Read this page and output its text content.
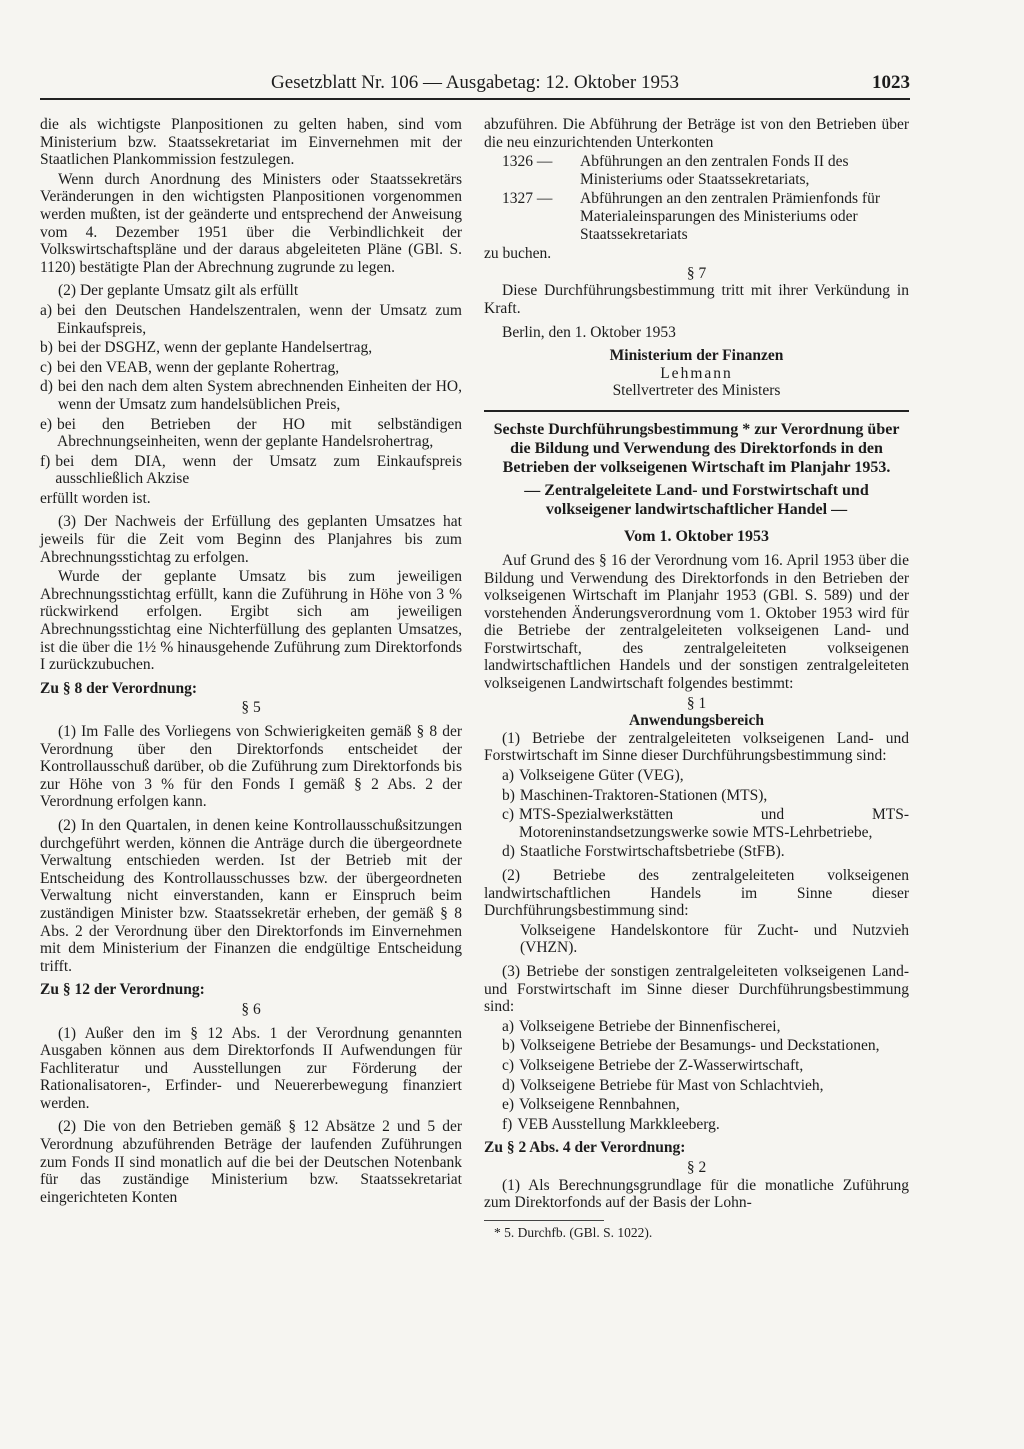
Gesetzblatt Nr. 106 — Ausgabetag: 12. Oktober 1953	1023

die als wichtigste Planpositionen zu gelten haben, sind vom Ministerium bzw. Staatssekretariat im Einvernehmen mit der Staatlichen Plankommission festzulegen.

Wenn durch Anordnung des Ministers oder Staatssekretärs Veränderungen in den wichtigsten Planpositionen vorgenommen werden mußten, ist der geänderte und entsprechend der Anweisung vom 4. Dezember 1951 über die Verbindlichkeit der Volkswirtschaftspläne und der daraus abgeleiteten Pläne (GBl. S. 1120) bestätigte Plan der Abrechnung zugrunde zu legen.

(2) Der geplante Umsatz gilt als erfüllt

a) bei den Deutschen Handelszentralen, wenn der Umsatz zum Einkaufspreis,
b) bei der DSGHZ, wenn der geplante Handelsertrag,
c) bei den VEAB, wenn der geplante Rohertrag,
d) bei den nach dem alten System abrechnenden Einheiten der HO, wenn der Umsatz zum handelsüblichen Preis,
e) bei den Betrieben der HO mit selbständigen Abrechnungseinheiten, wenn der geplante Handelsrohertrag,
f) bei dem DIA, wenn der Umsatz zum Einkaufspreis ausschließlich Akzise

erfüllt worden ist.

(3) Der Nachweis der Erfüllung des geplanten Umsatzes hat jeweils für die Zeit vom Beginn des Planjahres bis zum Abrechnungsstichtag zu erfolgen.

Wurde der geplante Umsatz bis zum jeweiligen Abrechnungsstichtag erfüllt, kann die Zuführung in Höhe von 3 % rückwirkend erfolgen. Ergibt sich am jeweiligen Abrechnungsstichtag eine Nichterfüllung des geplanten Umsatzes, ist die über die 1½ % hinausgehende Zuführung zum Direktorfonds I zurückzubuchen.

Zu § 8 der Verordnung:

§ 5

(1) Im Falle des Vorliegens von Schwierigkeiten gemäß § 8 der Verordnung über den Direktorfonds entscheidet der Kontrollausschuß darüber, ob die Zuführung zum Direktorfonds bis zur Höhe von 3 % für den Fonds I gemäß § 2 Abs. 2 der Verordnung erfolgen kann.

(2) In den Quartalen, in denen keine Kontrollausschußsitzungen durchgeführt werden, können die Anträge durch die übergeordnete Verwaltung entschieden werden. Ist der Betrieb mit der Entscheidung des Kontrollausschusses bzw. der übergeordneten Verwaltung nicht einverstanden, kann er Einspruch beim zuständigen Minister bzw. Staatssekretär erheben, der gemäß § 8 Abs. 2 der Verordnung über den Direktorfonds im Einvernehmen mit dem Ministerium der Finanzen die endgültige Entscheidung trifft.

Zu § 12 der Verordnung:

§ 6

(1) Außer den im § 12 Abs. 1 der Verordnung genannten Ausgaben können aus dem Direktorfonds II Aufwendungen für Fachliteratur und Ausstellungen zur Förderung der Rationalisatoren-, Erfinder- und Neuererbewegung finanziert werden.

(2) Die von den Betrieben gemäß § 12 Absätze 2 und 5 der Verordnung abzuführenden Beträge der laufenden Zuführungen zum Fonds II sind monatlich auf die bei der Deutschen Notenbank für das zuständige Ministerium bzw. Staatssekretariat eingerichteten Konten

abzuführen. Die Abführung der Beträge ist von den Betrieben über die neu einzurichtenden Unterkonten

1326 —	Abführungen an den zentralen Fonds II des Ministeriums oder Staatssekretariats,
1327 —	Abführungen an den zentralen Prämienfonds für Materialeinsparungen des Ministeriums oder Staatssekretariats

zu buchen.

§ 7

Diese Durchführungsbestimmung tritt mit ihrer Verkündung in Kraft.

Berlin, den 1. Oktober 1953

Ministerium der Finanzen

Lehmann

Stellvertreter des Ministers

Sechste Durchführungsbestimmung * zur Verordnung über die Bildung und Verwendung des Direktorfonds in den Betrieben der volkseigenen Wirtschaft im Planjahr 1953.

— Zentralgeleitete Land- und Forstwirtschaft und volkseigener landwirtschaftlicher Handel —

Vom 1. Oktober 1953

Auf Grund des § 16 der Verordnung vom 16. April 1953 über die Bildung und Verwendung des Direktorfonds in den Betrieben der volkseigenen Wirtschaft im Planjahr 1953 (GBl. S. 589) und der vorstehenden Änderungsverordnung vom 1. Oktober 1953 wird für die Betriebe der zentralgeleiteten volkseigenen Land- und Forstwirtschaft, des zentralgeleiteten volkseigenen landwirtschaftlichen Handels und der sonstigen zentralgeleiteten volkseigenen Landwirtschaft folgendes bestimmt:

§ 1

Anwendungsbereich

(1) Betriebe der zentralgeleiteten volkseigenen Land- und Forstwirtschaft im Sinne dieser Durchführungsbestimmung sind:

a) Volkseigene Güter (VEG),
b) Maschinen-Traktoren-Stationen (MTS),
c) MTS-Spezialwerkstätten und MTS-Motoreninstandsetzungswerke sowie MTS-Lehrbetriebe,
d) Staatliche Forstwirtschaftsbetriebe (StFB).

(2) Betriebe des zentralgeleiteten volkseigenen landwirtschaftlichen Handels im Sinne dieser Durchführungsbestimmung sind:

Volkseigene Handelskontore für Zucht- und Nutzvieh (VHZN).

(3) Betriebe der sonstigen zentralgeleiteten volkseigenen Land- und Forstwirtschaft im Sinne dieser Durchführungsbestimmung sind:

a) Volkseigene Betriebe der Binnenfischerei,
b) Volkseigene Betriebe der Besamungs- und Deckstationen,
c) Volkseigene Betriebe der Z-Wasserwirtschaft,
d) Volkseigene Betriebe für Mast von Schlachtvieh,
e) Volkseigene Rennbahnen,
f) VEB Ausstellung Markkleeberg.

Zu § 2 Abs. 4 der Verordnung:

§ 2

(1) Als Berechnungsgrundlage für die monatliche Zuführung zum Direktorfonds auf der Basis der Lohn-

* 5. Durchfb. (GBl. S. 1022).
